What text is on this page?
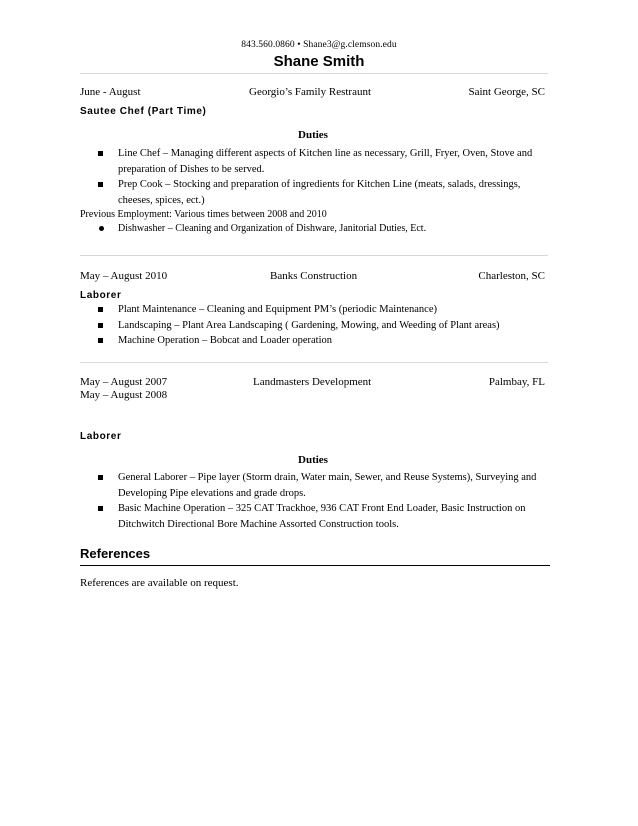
843.560.0860 • Shane3@g.clemson.edu
Shane Smith
June - August	Georgio’s Family Restraunt	Saint George, SC
Sautee Chef (Part Time)
Duties
Line Chef – Managing different aspects of Kitchen line as necessary, Grill, Fryer, Oven, Stove and preparation of Dishes to be served.
Prep Cook – Stocking and preparation of ingredients for Kitchen Line (meats, salads, dressings, cheeses, spices, ect.)
Previous Employment: Various times between 2008 and 2010
Dishwasher – Cleaning and Organization of Dishware, Janitorial Duties, Ect.
May – August 2010	Banks Construction	Charleston, SC
Laborer
Plant Maintenance – Cleaning and Equipment PM’s (periodic Maintenance)
Landscaping – Plant Area Landscaping ( Gardening, Mowing, and Weeding of Plant areas)
Machine Operation – Bobcat and Loader operation
May – August 2007	Landmasters Development	Palmbay, FL
May – August 2008
Laborer
Duties
General Laborer – Pipe layer (Storm drain, Water main, Sewer, and Reuse Systems), Surveying and Developing Pipe elevations and grade drops.
Basic Machine Operation – 325 CAT Trackhoe, 936 CAT Front End Loader, Basic Instruction on Ditchwitch Directional Bore Machine Assorted Construction tools.
References
References are available on request.
